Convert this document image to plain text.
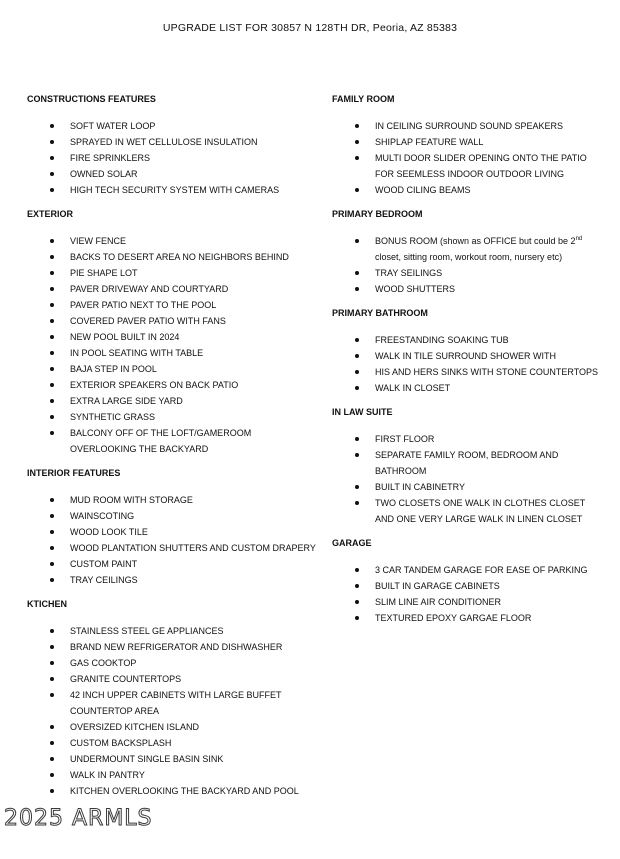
UPGRADE LIST FOR 30857 N 128TH DR, Peoria, AZ 85383
CONSTRUCTIONS FEATURES
SOFT WATER LOOP
SPRAYED IN WET CELLULOSE INSULATION
FIRE SPRINKLERS
OWNED SOLAR
HIGH TECH SECURITY SYSTEM WITH CAMERAS
EXTERIOR
VIEW FENCE
BACKS TO DESERT AREA NO NEIGHBORS BEHIND
PIE SHAPE LOT
PAVER DRIVEWAY AND COURTYARD
PAVER PATIO NEXT TO THE POOL
COVERED PAVER PATIO WITH FANS
NEW POOL BUILT IN 2024
IN POOL SEATING WITH TABLE
BAJA STEP IN POOL
EXTERIOR SPEAKERS ON BACK PATIO
EXTRA LARGE SIDE YARD
SYNTHETIC GRASS
BALCONY OFF OF THE LOFT/GAMEROOM OVERLOOKING THE BACKYARD
INTERIOR FEATURES
MUD ROOM WITH STORAGE
WAINSCOTING
WOOD LOOK TILE
WOOD PLANTATION SHUTTERS AND CUSTOM DRAPERY
CUSTOM PAINT
TRAY CEILINGS
KTICHEN
STAINLESS STEEL GE APPLIANCES
BRAND NEW REFRIGERATOR AND DISHWASHER
GAS COOKTOP
GRANITE COUNTERTOPS
42 INCH UPPER CABINETS WITH LARGE BUFFET COUNTERTOP AREA
OVERSIZED KITCHEN ISLAND
CUSTOM BACKSPLASH
UNDERMOUNT SINGLE BASIN SINK
WALK IN PANTRY
KITCHEN OVERLOOKING THE BACKYARD AND POOL
FAMILY ROOM
IN CEILING SURROUND SOUND SPEAKERS
SHIPLAP FEATURE WALL
MULTI DOOR SLIDER OPENING ONTO THE PATIO FOR SEEMLESS INDOOR OUTDOOR LIVING
WOOD CILING BEAMS
PRIMARY BEDROOM
BONUS ROOM (shown as OFFICE but could be 2nd closet, sitting room, workout room, nursery etc)
TRAY SEILINGS
WOOD SHUTTERS
PRIMARY BATHROOM
FREESTANDING SOAKING TUB
WALK IN TILE SURROUND SHOWER WITH
HIS AND HERS SINKS WITH STONE COUNTERTOPS
WALK IN CLOSET
IN LAW SUITE
FIRST FLOOR
SEPARATE FAMILY ROOM, BEDROOM AND BATHROOM
BUILT IN CABINETRY
TWO CLOSETS ONE WALK IN CLOTHES CLOSET AND ONE VERY LARGE WALK IN LINEN CLOSET
GARAGE
3 CAR TANDEM GARAGE FOR EASE OF PARKING
BUILT IN GARAGE CABINETS
SLIM LINE AIR CONDITIONER
TEXTURED EPOXY GARGAE FLOOR
2025 ARMLS
